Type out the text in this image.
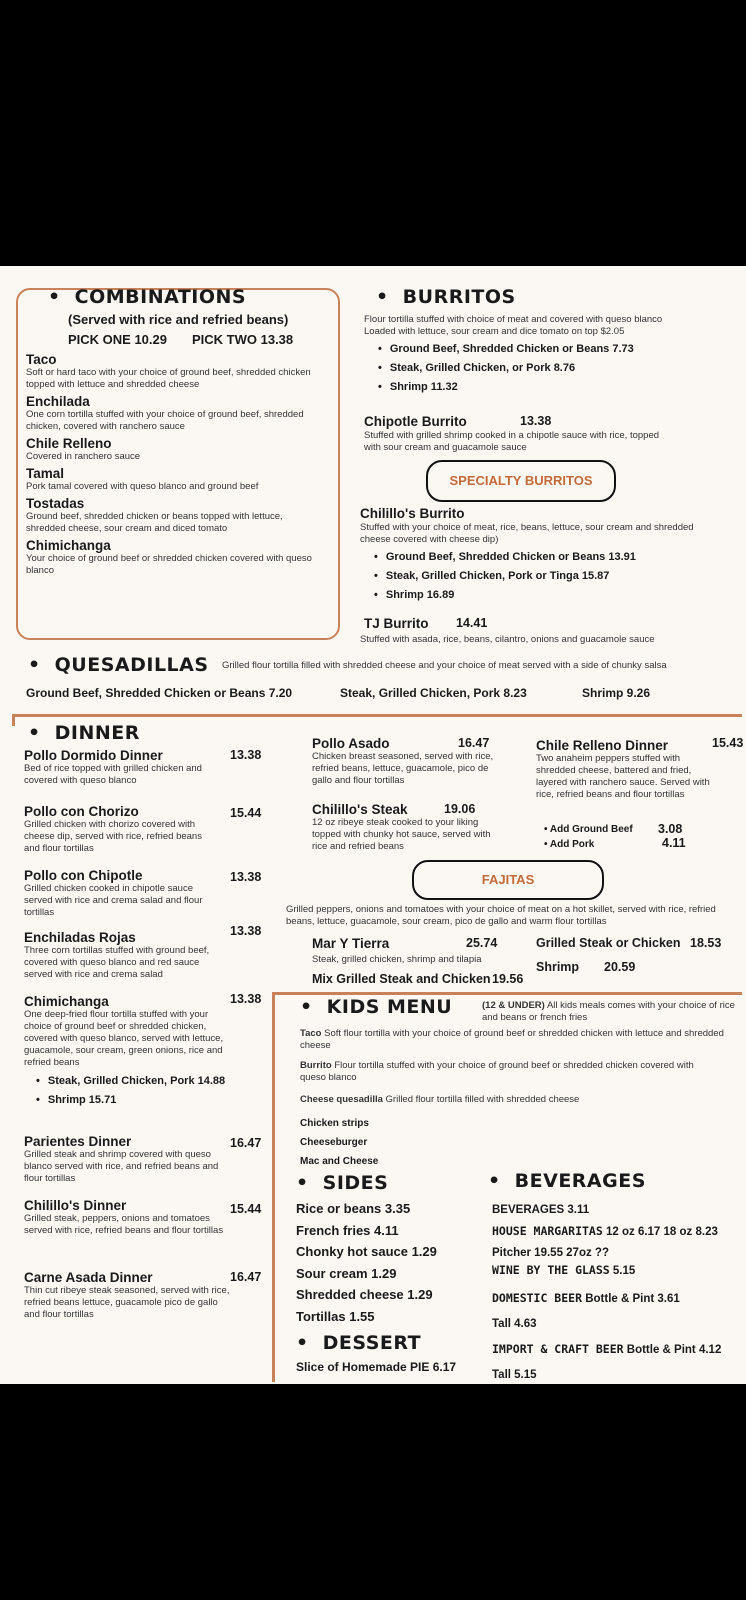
• COMBINATIONS
(Served with rice and refried beans)
PICK ONE 10.29 PICK TWO 13.38
Taco
Soft or hard taco with your choice of ground beef, shredded chicken topped with lettuce and shredded cheese
Enchilada
One corn tortilla stuffed with your choice of ground beef, shredded chicken, covered with ranchero sauce
Chile Relleno
Covered in ranchero sauce
Tamal
Pork tamal covered with queso blanco and ground beef
Tostadas
Ground beef, shredded chicken or beans topped with lettuce, shredded cheese, sour cream and diced tomato
Chimichanga
Your choice of ground beef or shredded chicken covered with queso blanco
• BURRITOS
Flour tortilla stuffed with choice of meat and covered with queso blanco
Loaded with lettuce, sour cream and dice tomato on top $2.05
• Ground Beef, Shredded Chicken or Beans 7.73
• Steak, Grilled Chicken, or Pork 8.76
• Shrimp 11.32
Chipotle Burrito	13.38
Stuffed with grilled shrimp cooked in a chipotle sauce with rice, topped with sour cream and guacamole sauce
SPECIALTY BURRITOS
Chilillo's Burrito
Stuffed with your choice of meat, rice, beans, lettuce, sour cream and shredded cheese covered with cheese dip)
• Ground Beef, Shredded Chicken or Beans 13.91
• Steak, Grilled Chicken, Pork or Tinga 15.87
• Shrimp 16.89
TJ Burrito 14.41
Stuffed with asada, rice, beans, cilantro, onions and guacamole sauce
• QUESADILLAS Grilled flour tortilla filled with shredded cheese and your choice of meat served with a side of chunky salsa
Ground Beef, Shredded Chicken or Beans 7.20	Steak, Grilled Chicken, Pork 8.23	Shrimp 9.26
• DINNER
Pollo Dormido Dinner
Bed of rice topped with grilled chicken and covered with queso blanco
13.38
Pollo con Chorizo
Grilled chicken with chorizo covered with cheese dip, served with rice, refried beans and flour tortillas
15.44
Pollo con Chipotle
Grilled chicken cooked in chipotle sauce served with rice and crema salad and flour tortillas
13.38
Enchiladas Rojas
Three corn tortillas stuffed with ground beef, covered with queso blanco and red sauce served with rice and crema salad
13.38
Chimichanga
One deep-fried flour tortilla stuffed with your choice of ground beef or shredded chicken, covered with queso blanco, served with lettuce, guacamole, sour cream, green onions, rice and refried beans
13.38
• Steak, Grilled Chicken, Pork 14.88
• Shrimp 15.71
Parientes Dinner
Grilled steak and shrimp covered with queso blanco served with rice, and refried beans and flour tortillas
16.47
Chilillo's Dinner
Grilled steak, peppers, onions and tomatoes served with rice, refried beans and flour tortillas
15.44
Carne Asada Dinner
Thin cut ribeye steak seasoned, served with rice, refried beans lettuce, guacamole pico de gallo and flour tortillas
16.47
Pollo Asado
Chicken breast seasoned, served with rice, refried beans, lettuce, guacamole, pico de gallo and flour tortillas
16.47
Chilillo's Steak
12 oz ribeye steak cooked to your liking topped with chunky hot sauce, served with rice and refried beans
19.06
Chile Relleno Dinner
Two anaheim peppers stuffed with shredded cheese, battered and fried, layered with ranchero sauce. Served with rice, refried beans and flour tortillas
15.43
• Add Ground Beef 3.08
• Add Pork	4.11
FAJITAS
Grilled peppers, onions and tomatoes with your choice of meat on a hot skillet, served with rice, refried beans, lettuce, guacamole, sour cream, pico de gallo and warm flour tortillas
Mar Y Tierra	25.74
Steak, grilled chicken, shrimp and tilapia
Mix Grilled Steak and Chicken 19.56
Grilled Steak or Chicken 18.53
Shrimp 20.59
• KIDS MENU	(12 & UNDER) All kids meals comes with your choice of rice and beans or french fries
Taco Soft flour tortilla with your choice of ground beef or shredded chicken with lettuce and shredded cheese
Burrito Flour tortilla stuffed with your choice of ground beef or shredded chicken covered with queso blanco
Cheese quesadilla Grilled flour tortilla filled with shredded cheese
Chicken strips
Cheeseburger
Mac and Cheese
• SIDES
Rice or beans 3.35
French fries 4.11
Chonky hot sauce 1.29
Sour cream 1.29
Shredded cheese 1.29
Tortillas 1.55
• DESSERT
Slice of Homemade PIE 6.17
• BEVERAGES
BEVERAGES 3.11
HOUSE MARGARITAS 12 oz 6.17 18 oz 8.23
Pitcher 19.55 27oz ??
WINE BY THE GLASS 5.15
DOMESTIC BEER Bottle & Pint 3.61
Tall 4.63
IMPORT & CRAFT BEER Bottle & Pint 4.12
Tall 5.15
